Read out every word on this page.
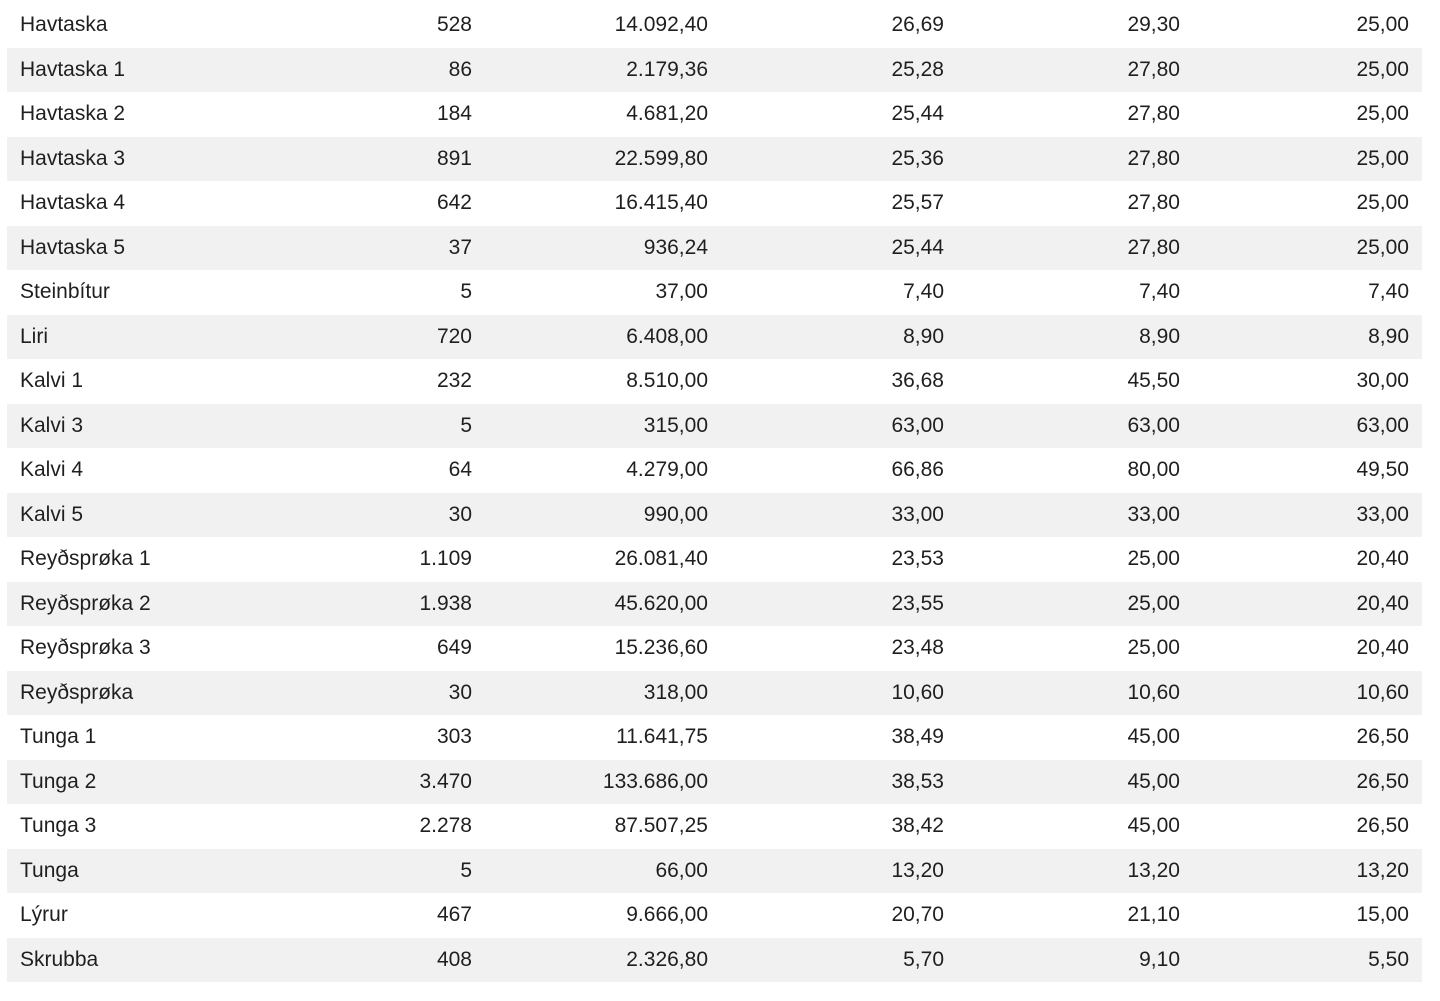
Havtaska	528	14.092,40	26,69	29,30	25,00
Havtaska 1	86	2.179,36	25,28	27,80	25,00
Havtaska 2	184	4.681,20	25,44	27,80	25,00
Havtaska 3	891	22.599,80	25,36	27,80	25,00
Havtaska 4	642	16.415,40	25,57	27,80	25,00
Havtaska 5	37	936,24	25,44	27,80	25,00
Steinbítur	5	37,00	7,40	7,40	7,40
Liri	720	6.408,00	8,90	8,90	8,90
Kalvi 1	232	8.510,00	36,68	45,50	30,00
Kalvi 3	5	315,00	63,00	63,00	63,00
Kalvi 4	64	4.279,00	66,86	80,00	49,50
Kalvi 5	30	990,00	33,00	33,00	33,00
Reyðsprøka 1	1.109	26.081,40	23,53	25,00	20,40
Reyðsprøka 2	1.938	45.620,00	23,55	25,00	20,40
Reyðsprøka 3	649	15.236,60	23,48	25,00	20,40
Reyðsprøka	30	318,00	10,60	10,60	10,60
Tunga 1	303	11.641,75	38,49	45,00	26,50
Tunga 2	3.470	133.686,00	38,53	45,00	26,50
Tunga 3	2.278	87.507,25	38,42	45,00	26,50
Tunga	5	66,00	13,20	13,20	13,20
Lýrur	467	9.666,00	20,70	21,10	15,00
Skrubba	408	2.326,80	5,70	9,10	5,50
